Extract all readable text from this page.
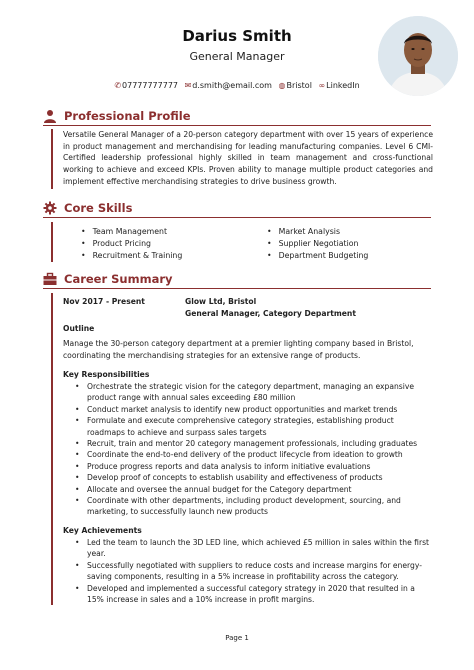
Darius Smith
General Manager
✆07777777777 ✉d.smith@email.com ◍Bristol ∞LinkedIn
Professional Profile
Versatile General Manager of a 20-person category department with over 15 years of experience in product management and merchandising for leading manufacturing companies. Level 6 CMI-Certified leadership professional highly skilled in team management and cross-functional working to achieve and exceed KPIs. Proven ability to manage multiple product categories and implement effective merchandising strategies to drive business growth.
Core Skills
• Team Management
• Product Pricing
• Recruitment & Training
• Market Analysis
• Supplier Negotiation
• Department Budgeting
Career Summary
Nov 2017 - Present	Glow Ltd, Bristol
General Manager, Category Department
Outline
Manage the 30-person category department at a premier lighting company based in Bristol, coordinating the merchandising strategies for an extensive range of products.
Key Responsibilities
• Orchestrate the strategic vision for the category department, managing an expansive product range with annual sales exceeding £80 million
• Conduct market analysis to identify new product opportunities and market trends
• Formulate and execute comprehensive category strategies, establishing product roadmaps to achieve and surpass sales targets
• Recruit, train and mentor 20 category management professionals, including graduates
• Coordinate the end-to-end delivery of the product lifecycle from ideation to growth
• Produce progress reports and data analysis to inform initiative evaluations
• Develop proof of concepts to establish usability and effectiveness of products
• Allocate and oversee the annual budget for the Category department
• Coordinate with other departments, including product development, sourcing, and marketing, to successfully launch new products
Key Achievements
• Led the team to launch the 3D LED line, which achieved £5 million in sales within the first year.
• Successfully negotiated with suppliers to reduce costs and increase margins for energy-saving components, resulting in a 5% increase in profitability across the category.
• Developed and implemented a successful category strategy in 2020 that resulted in a 15% increase in sales and a 10% increase in profit margins.
Page 1
